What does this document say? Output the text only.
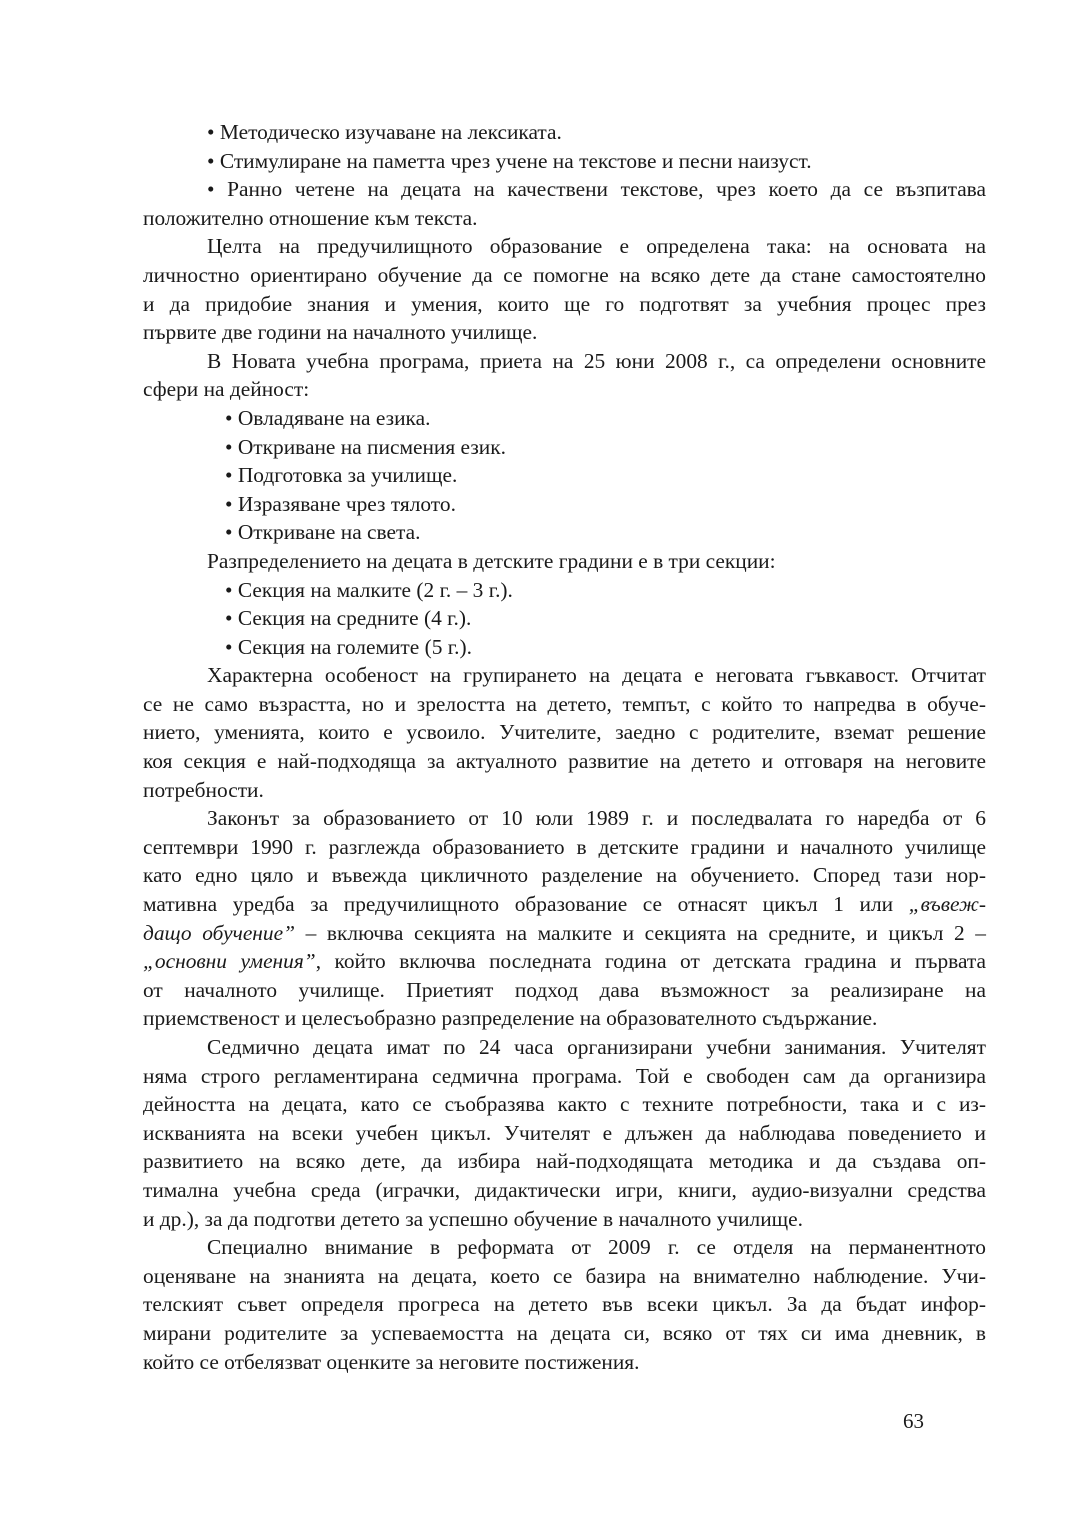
• Методическо изучаване на лексиката.
• Стимулиране на паметта чрез учене на текстове и песни наизуст.
• Ранно четене на децата на качествени текстове, чрез което да се възпитава
положително отношение към текста.
Целта на предучилищното образование е определена така: на основата на
личностно ориентирано обучение да се помогне на всяко дете да стане самостоятелно
и да придобие знания и умения, които ще го подготвят за учебния процес през
първите две години на началното училище.
В Новата учебна програма, приета на 25 юни 2008 г., са определени основните
сфери на дейност:
• Овладяване на езика.
• Откриване на писмения език.
• Подготовка за училище.
• Изразяване чрез тялото.
• Откриване на света.
Разпределението на децата в детските градини е в три секции:
• Секция на малките (2 г. – 3 г.).
• Секция на средните (4 г.).
• Секция на големите (5 г.).
Характерна особеност на групирането на децата е неговата гъвкавост. Отчитат
се не само възрастта, но и зрелостта на детето, темпът, с който то напредва в обуче-
нието, уменията, които е усвоило. Учителите, заедно с родителите, вземат решение
коя секция е най-подходяща за актуалното развитие на детето и отговаря на неговите
потребности.
Законът за образованието от 10 юли 1989 г. и последвалата го наредба от 6
септември 1990 г. разглежда образованието в детските градини и началното училище
като едно цяло и въвежда цикличното разделение на обучението. Според тази нор-
мативна уредба за предучилищното образование се отнасят цикъл 1 или „въвеж-
дащо обучение” – включва секцията на малките и секцията на средните, и цикъл 2 –
„основни умения”, който включва последната година от детската градина и първата
от началното училище. Приетият подход дава възможност за реализиране на
приемственост и целесъобразно разпределение на образователното съдържание.
Седмично децата имат по 24 часа организирани учебни занимания. Учителят
няма строго регламентирана седмична програма. Той е свободен сам да организира
дейността на децата, като се съобразява както с техните потребности, така и с из-
искванията на всеки учебен цикъл. Учителят е длъжен да наблюдава поведението и
развитието на всяко дете, да избира най-подходящата методика и да създава оп-
тимална учебна среда (играчки, дидактически игри, книги, аудио-визуални средства
и др.), за да подготви детето за успешно обучение в началното училище.
Специално внимание в реформата от 2009 г. се отделя на перманентното
оценяване на знанията на децата, което се базира на внимателно наблюдение. Учи-
телският съвет определя прогреса на детето във всеки цикъл. За да бъдат инфор-
мирани родителите за успеваемостта на децата си, всяко от тях си има дневник, в
който се отбелязват оценките за неговите постижения.
63
